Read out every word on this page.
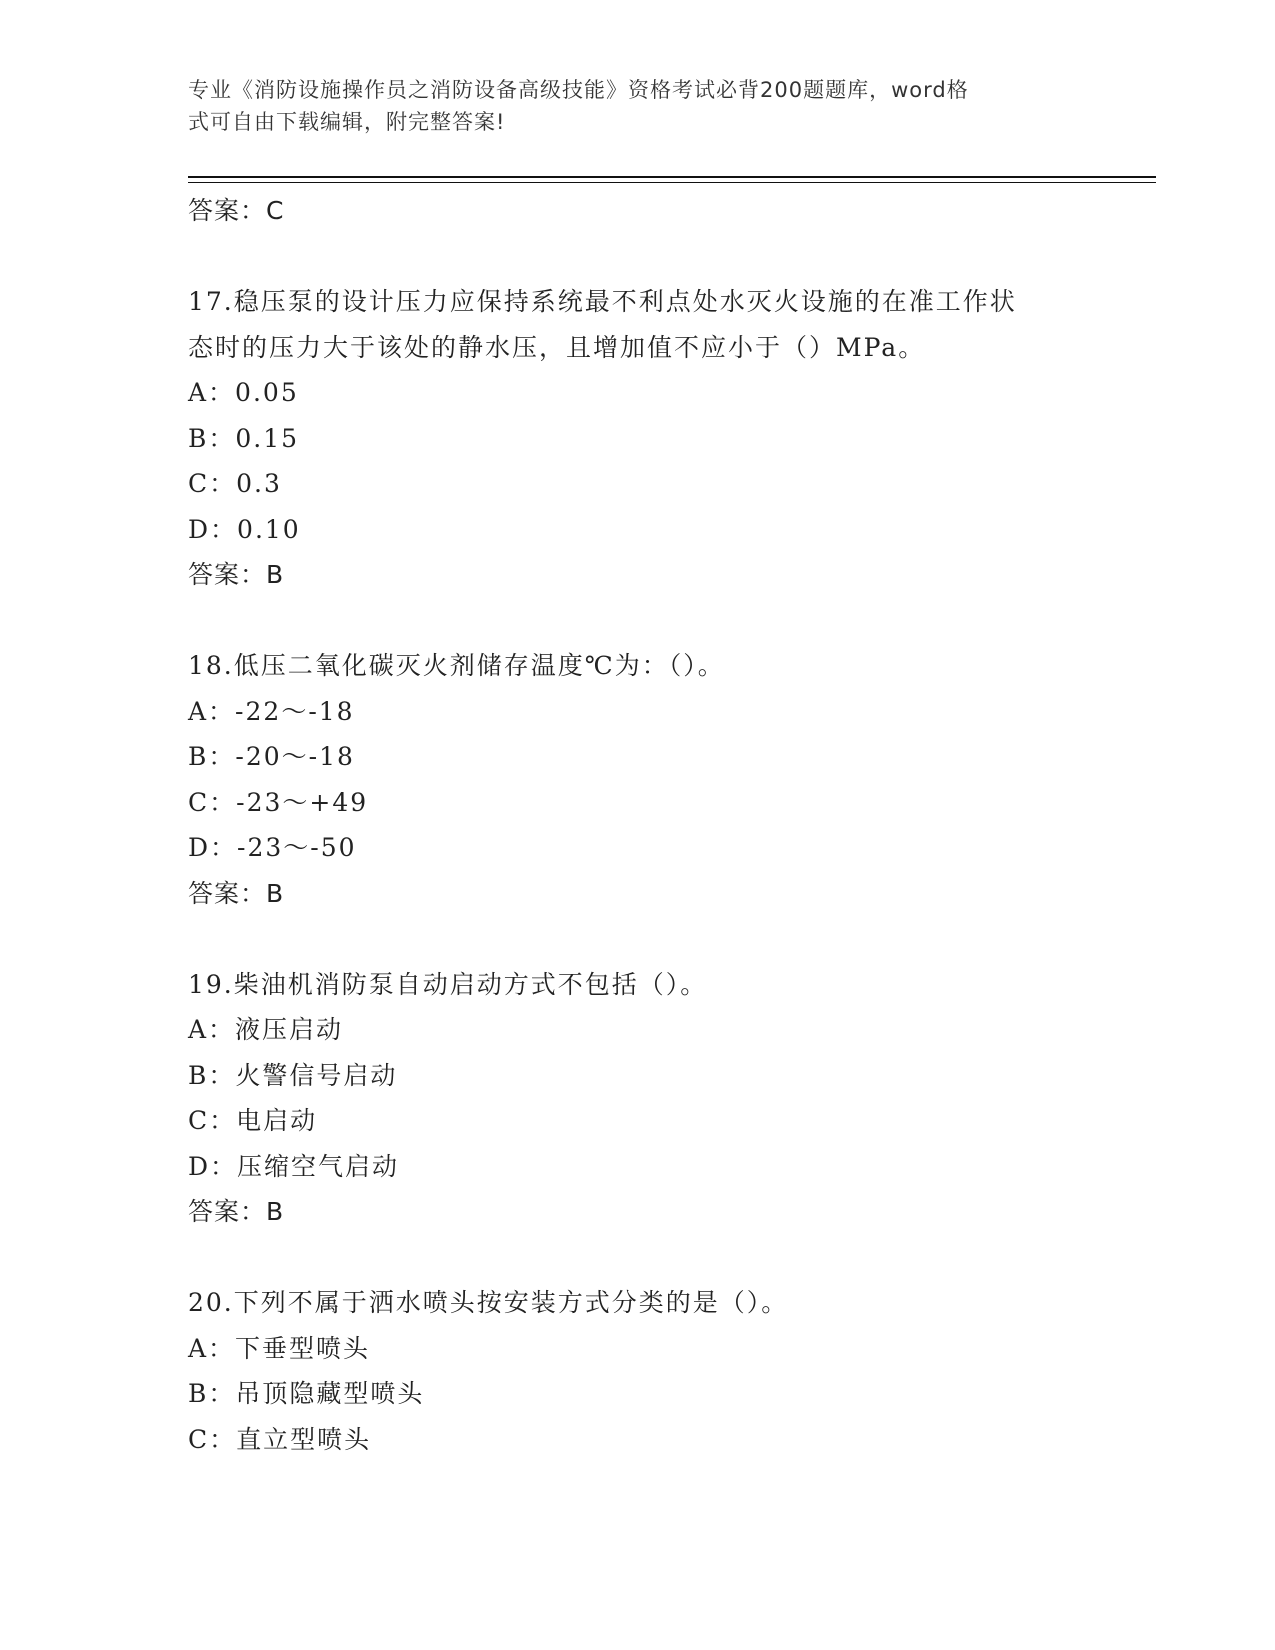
专业《消防设施操作员之消防设备高级技能》资格考试必背200题题库，word格
式可自由下载编辑，附完整答案!
答案：C
17.稳压泵的设计压力应保持系统最不利点处水灭火设施的在准工作状
态时的压力大于该处的静水压，且增加值不应小于（）MPa。
A：0.05
B：0.15
C：0.3
D：0.10
答案：B
18.低压二氧化碳灭火剂储存温度℃为：（）。
A：-22～-18
B：-20～-18
C：-23～+49
D：-23～-50
答案：B
19.柴油机消防泵自动启动方式不包括（）。
A：液压启动
B：火警信号启动
C：电启动
D：压缩空气启动
答案：B
20.下列不属于洒水喷头按安装方式分类的是（）。
A：下垂型喷头
B：吊顶隐藏型喷头
C：直立型喷头
